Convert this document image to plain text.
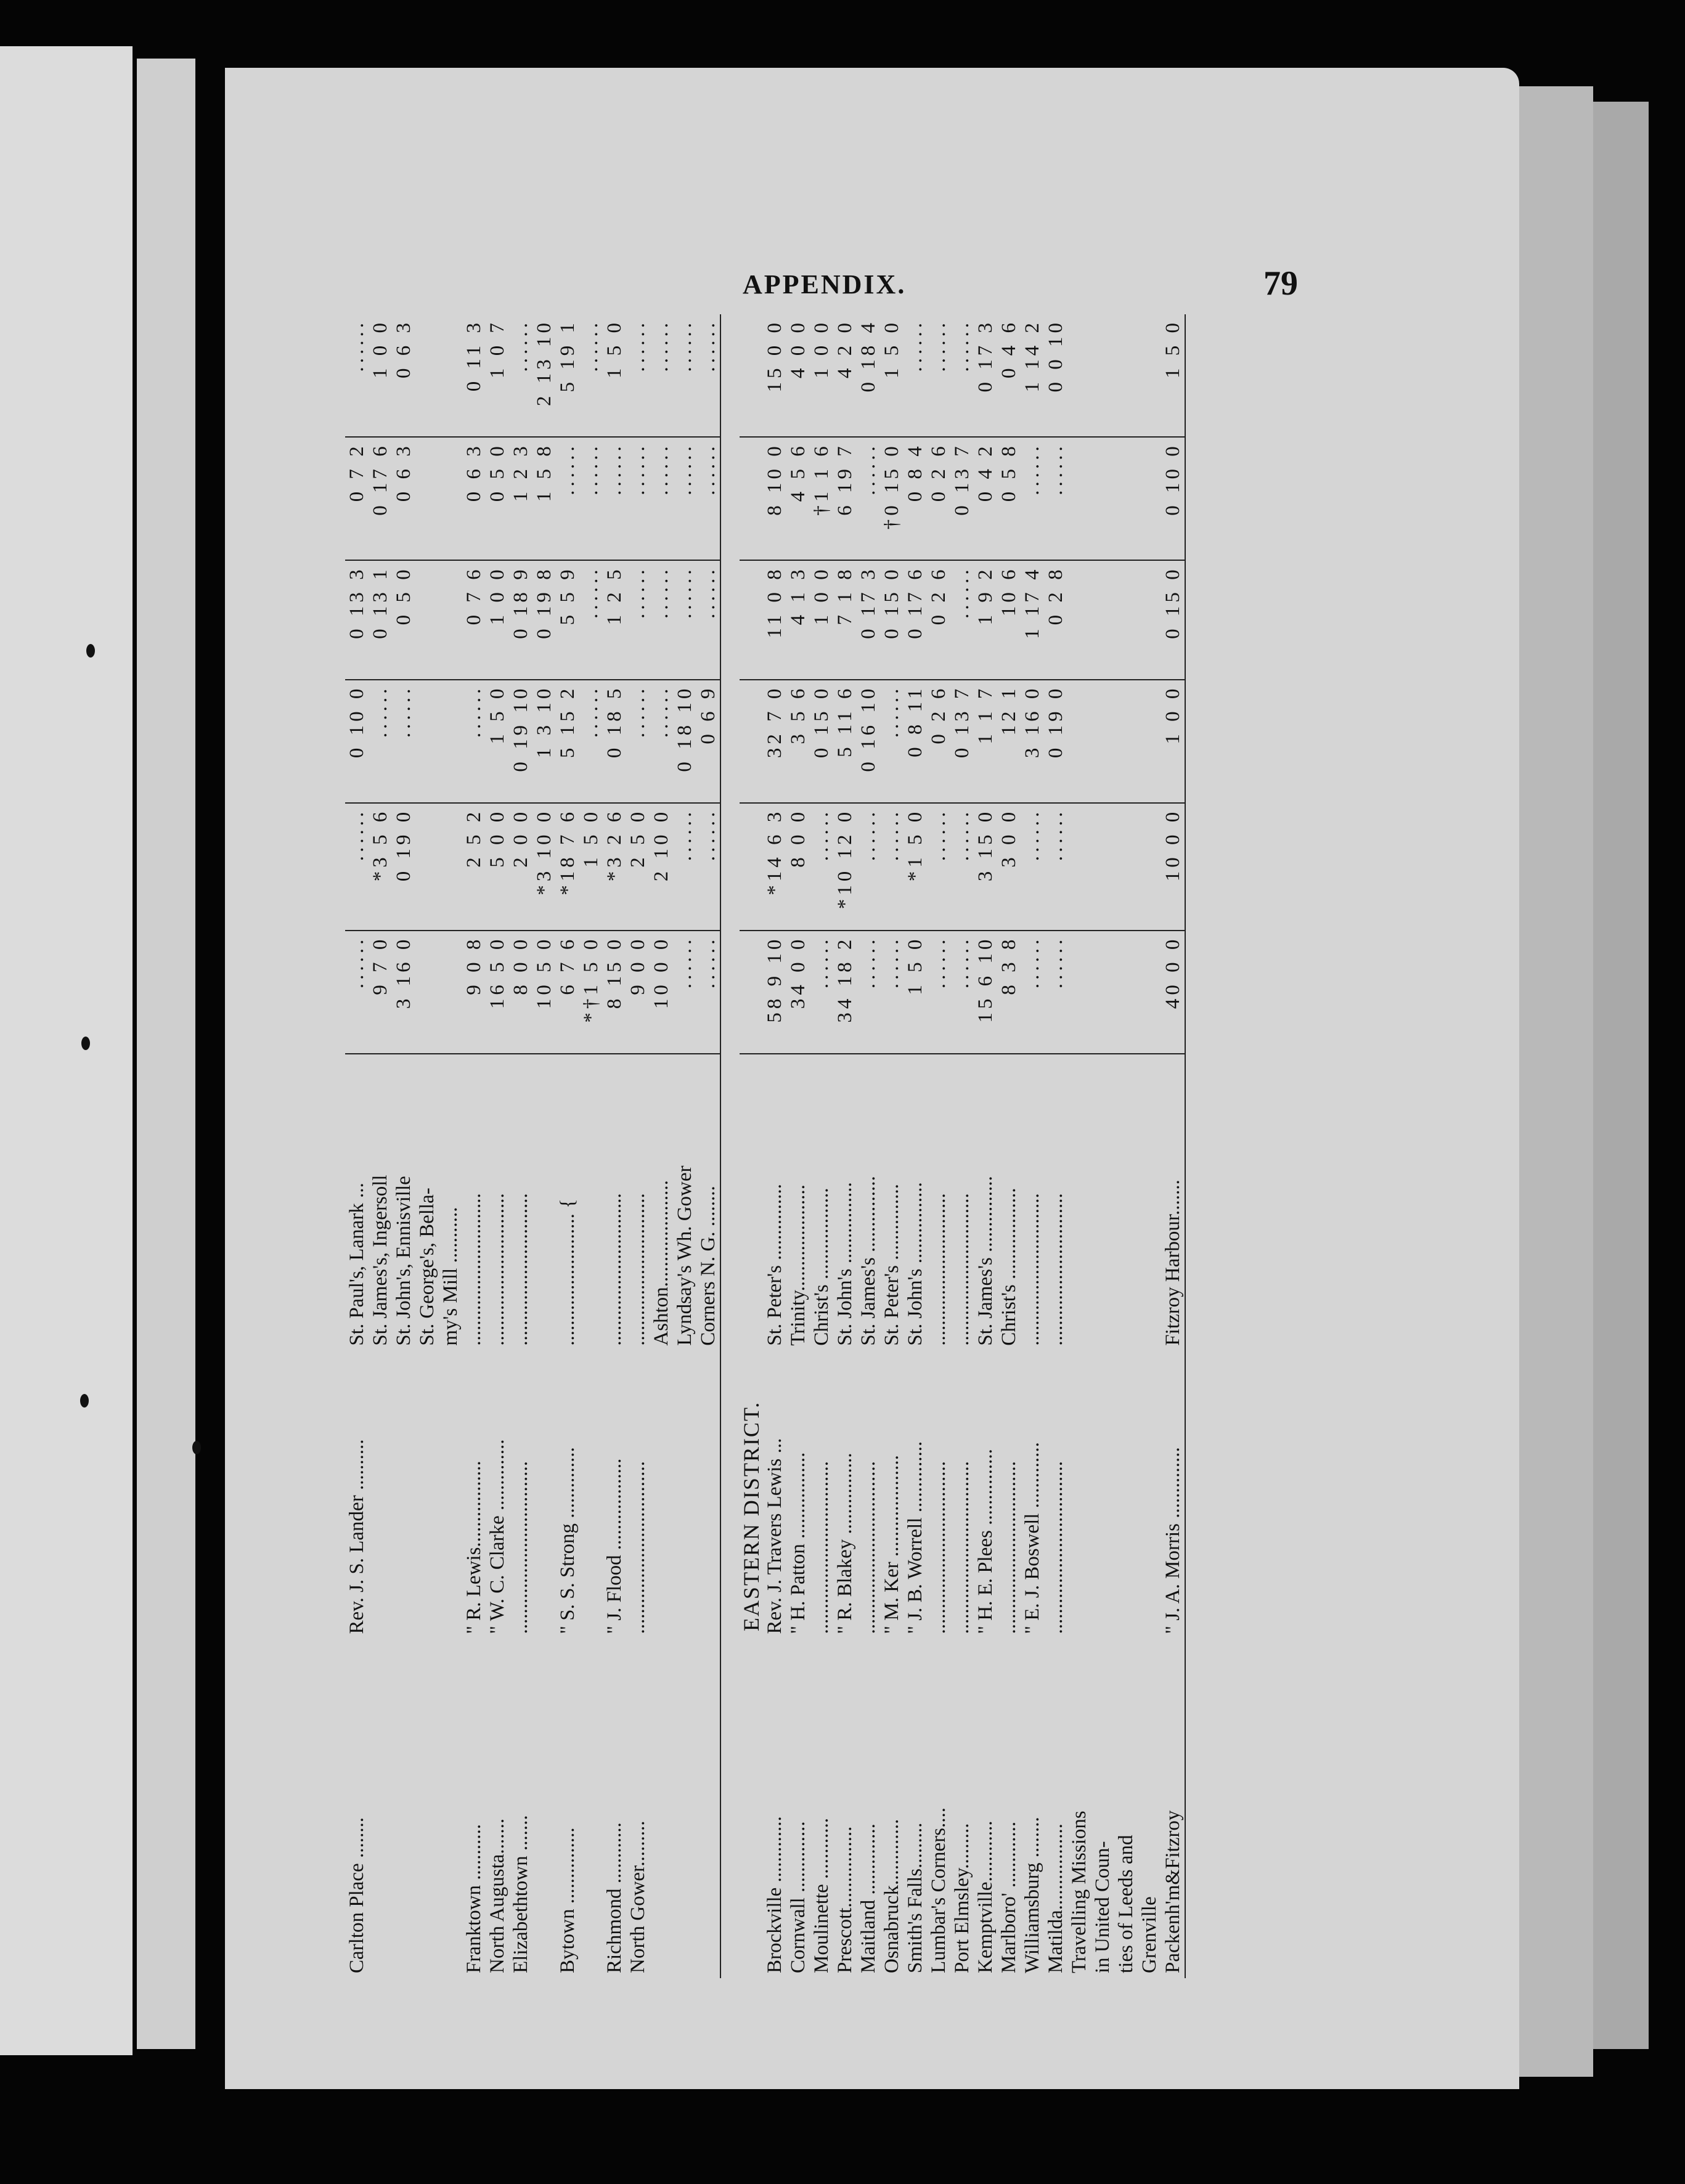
APPENDIX.	79
Carlton Place ........	Rev. J. S. Lander ..........	St. Paul's, Lanark ...	......	......	0 10 0	0 13 3	0 7 2	......
		St. James's, Ingersoll	9 7 0	*3 5 6	......	0 13 1	0 17 6	1 0 0
		St. John's, Ennisville	3 16 0	0 19 0	......	0 5 0	0 6 3	0 6 3
		St. George's, Bella-						
		my's Mill ...........						
Franktown ...........	" R. Lewis.................	..............................	9 0 8	2 5 2	......	0 7 6	0 6 3	0 11 3
North Augusta.......	" W. C. Clarke ..............	..............................	16 5 0	5 0 0	1 5 0	1 0 0	0 5 0	1 0 7
Elizabethtown .......	..................................	..............................	8 0 0	2 0 0	0 19 10	0 18 9	1 2 3	......
			10 5 0	*3 10 0	1 3 10	0 19 8	1 5 8	2 13 10
Bytown ...............	" S. S. Strong ..............	.......................... {	6 7 6	*18 7 6	5 15 2	5 5 9	......	5 19 1
			*†1 5 0	1 5 0	......	......	......	......
Richmond ............	" J. Flood ..................	..............................	8 15 0	*3 2 6	0 18 5	1 2 5	......	1 5 0
North Gower.........	..................................	..............................	9 0 0	2 5 0	......	......	......	......
		Ashton.....................	10 0 0	2 10 0	......	......	......	......
		Lyndsay's Wh. Gower	......	......	0 18 10	......	......	......
		Corners N. G. ........	......	......	0 6 9	......	......	......

EASTERN DISTRICT.								
Brockville .............	Rev. J. Travers Lewis ...	St. Peter's ...............	58 9 10	*14 6 3	32 7 0	11 0 8	8 10 0	15 0 0
Cornwall ..............	" H. Patton .................	Trinity.....................	34 0 0	8 0 0	3 5 6	4 1 3	4 5 6	4 0 0
Moulinette ............	..................................	Christ's ..................	......	......	0 15 0	1 0 0	†1 1 6	1 0 0
Prescott................	" R. Blakey ................	St. John's ................	34 18 2	*10 12 0	5 11 6	7 1 8	6 19 7	4 2 0
Maitland ..............	..................................	St. James's ...............	......	......	0 16 10	0 17 3	......	0 18 4
Osnabruck.............	" M. Ker ....................	St. Peter's ...............	......	......	......	0 15 0	†0 15 0	1 5 0
Smith's Falls.........	" J. B. Worrell ..............	St. John's ................	1 5 0	*1 5 0	0 8 11	0 17 6	0 8 4	......
Lumbar's Corners....	..................................	..............................	......	......	0 2 6	0 2 6	0 2 6	......
Port Elmsley.........	..................................	..............................	......	......	0 13 7	......	0 13 7	......
Kemptville............	" H. E. Plees ...............	St. James's ...............	15 6 10	3 15 0	1 1 7	1 9 2	0 4 2	0 17 3
Marlboro' .............	..................................	Christ's ..................	8 3 8	3 0 0	12 1	10 6	0 5 8	0 4 6
Williamsburg ........	" E. J. Boswell .............	..............................	......	......	3 16 0	1 17 4	......	1 14 2
Matilda.................	..................................	..............................	......	......	0 19 0	0 2 8	......	0 0 10
Travelling Missions								
in United Coun-								
ties of Leeds and								
Grenville								
Packenh'm&Fitzroy	" J. A. Morris ..............	Fitzroy Harbour.......	40 0 0	10 0 0	1 0 0	0 15 0	0 10 0	1 5 0
